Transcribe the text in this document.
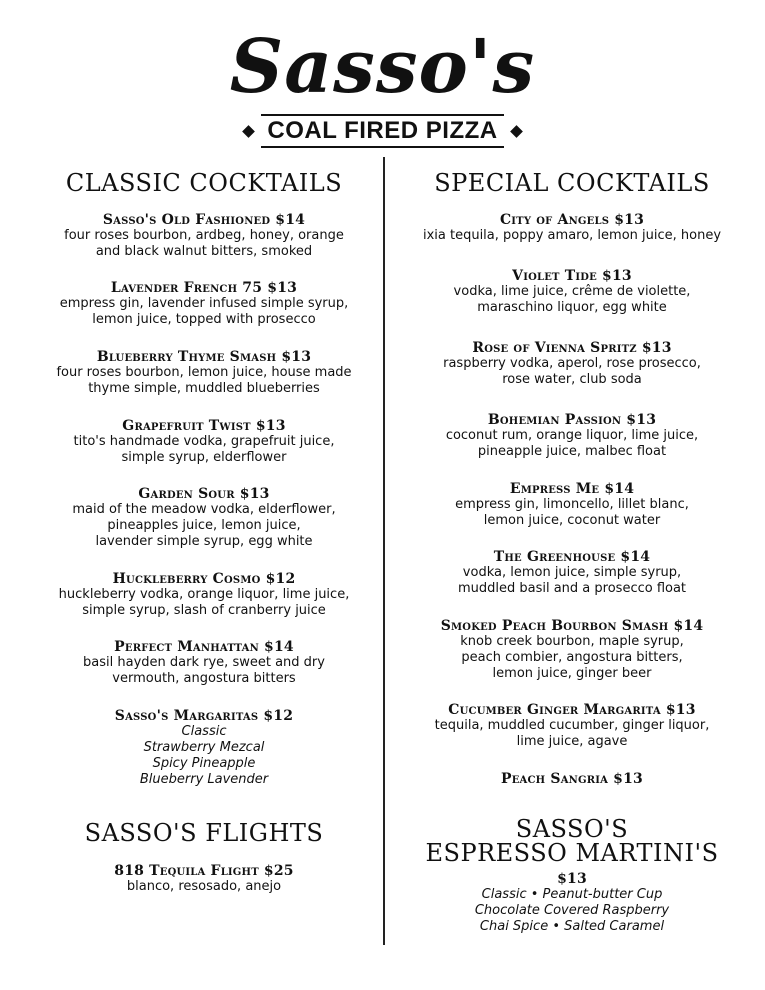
Sasso's
COAL FIRED PIZZA
CLASSIC COCKTAILS
Sasso's Old Fashioned $14
four roses bourbon, ardbeg, honey, orange
and black walnut bitters, smoked
Lavender French 75 $13
empress gin, lavender infused simple syrup,
lemon juice, topped with prosecco
Blueberry Thyme Smash $13
four roses bourbon, lemon juice, house made
thyme simple, muddled blueberries
Grapefruit Twist $13
tito's handmade vodka, grapefruit juice,
simple syrup, elderflower
Garden Sour $13
maid of the meadow vodka, elderflower,
pineapples juice, lemon juice,
lavender simple syrup, egg white
Huckleberry Cosmo $12
huckleberry vodka, orange liquor, lime juice,
simple syrup, slash of cranberry juice
Perfect Manhattan $14
basil hayden dark rye, sweet and dry
vermouth, angostura bitters
Sasso's Margaritas $12
Classic
Strawberry Mezcal
Spicy Pineapple
Blueberry Lavender
SASSO'S FLIGHTS
818 Tequila Flight $25
blanco, resosado, anejo
SPECIAL COCKTAILS
City of Angels $13
ixia tequila, poppy amaro, lemon juice, honey
Violet Tide $13
vodka, lime juice, crême de violette,
maraschino liquor, egg white
Rose of Vienna Spritz $13
raspberry vodka, aperol, rose prosecco,
rose water, club soda
Bohemian Passion $13
coconut rum, orange liquor, lime juice,
pineapple juice, malbec float
Empress Me $14
empress gin, limoncello, lillet blanc,
lemon juice, coconut water
The Greenhouse $14
vodka, lemon juice, simple syrup,
muddled basil and a prosecco float
Smoked Peach Bourbon Smash $14
knob creek bourbon, maple syrup,
peach combier, angostura bitters,
lemon juice, ginger beer
Cucumber Ginger Margarita $13
tequila, muddled cucumber, ginger liquor,
lime juice, agave
Peach Sangria $13
SASSO'S
ESPRESSO MARTINI'S
$13
Classic • Peanut-butter Cup
Chocolate Covered Raspberry
Chai Spice • Salted Caramel
